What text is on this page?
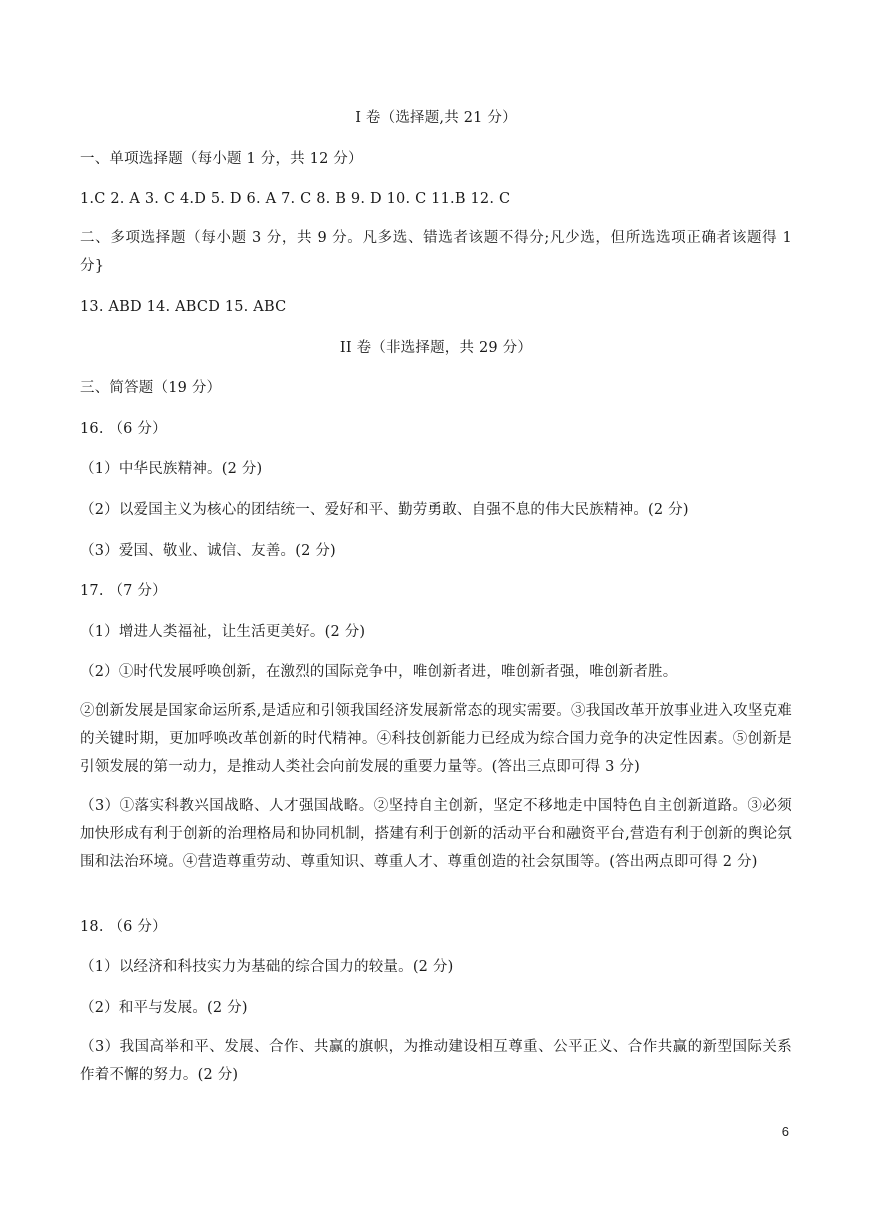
I 卷（选择题,共 21 分）
一、单项选择题（每小题 1 分，共 12 分）
1.C 2. A 3. C 4.D 5. D 6. A 7. C 8. B 9. D 10. C 11.B 12. C
二、多项选择题（每小题 3 分，共 9 分。凡多选、错选者该题不得分;凡少选，但所选选项正确者该题得 1 分}
13. ABD 14. ABCD 15. ABC
II 卷（非选择题，共 29 分）
三、简答题（19 分）
16. （6 分）
（1）中华民族精神。(2 分)
（2）以爱国主义为核心的团结统一、爱好和平、勤劳勇敢、自强不息的伟大民族精神。(2 分)
（3）爱国、敬业、诚信、友善。(2 分)
17. （7 分）
（1）增进人类福祉，让生活更美好。(2 分)
（2）①时代发展呼唤创新，在激烈的国际竞争中，唯创新者进，唯创新者强，唯创新者胜。
②创新发展是国家命运所系,是适应和引领我国经济发展新常态的现实需要。③我国改革开放事业进入攻坚克难的关键时期，更加呼唤改革创新的时代精神。④科技创新能力已经成为综合国力竞争的决定性因素。⑤创新是引领发展的第一动力，是推动人类社会向前发展的重要力量等。(答出三点即可得 3 分)
（3）①落实科教兴国战略、人才强国战略。②坚持自主创新，坚定不移地走中国特色自主创新道路。③必须加快形成有利于创新的治理格局和协同机制，搭建有利于创新的活动平台和融资平台,营造有利于创新的舆论氛围和法治环境。④营造尊重劳动、尊重知识、尊重人才、尊重创造的社会氛围等。(答出两点即可得 2 分)
18. （6 分）
（1）以经济和科技实力为基础的综合国力的较量。(2 分)
（2）和平与发展。(2 分)
（3）我国高举和平、发展、合作、共赢的旗帜，为推动建设相互尊重、公平正义、合作共赢的新型国际关系作着不懈的努力。(2 分)
6
